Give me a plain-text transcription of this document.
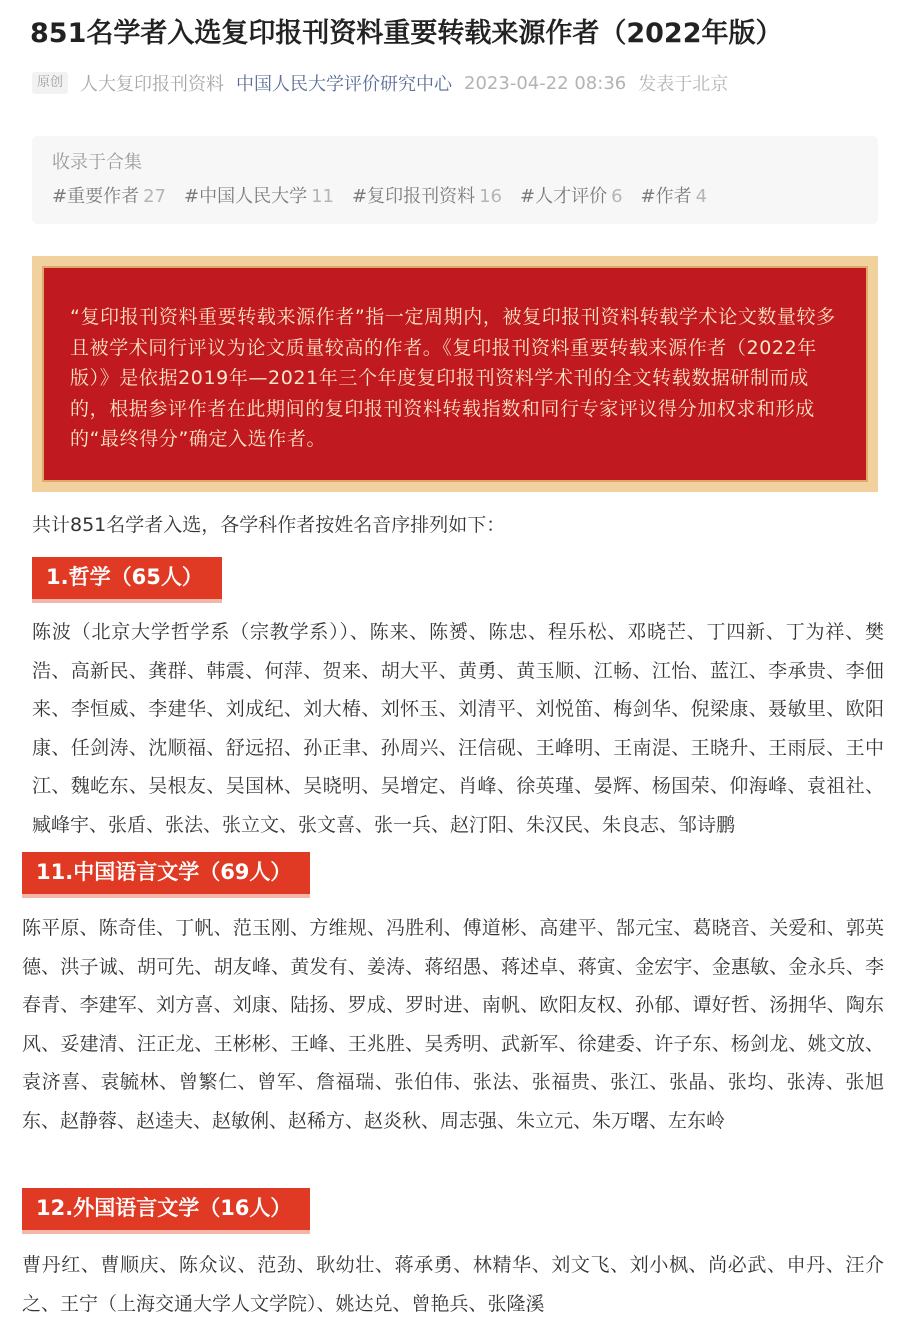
851名学者入选复印报刊资料重要转载来源作者（2022年版）
原创 人大复印报刊资料 中国人民大学评价研究中心 2023-04-22 08:36 发表于北京
收录于合集
#重要作者 27 #中国人民大学 11 #复印报刊资料 16 #人才评价 6 #作者 4

“复印报刊资料重要转载来源作者”指一定周期内，被复印报刊资料转载学术论文数量较多且被学术同行评议为论文质量较高的作者。《复印报刊资料重要转载来源作者（2022年版）》是依据2019年—2021年三个年度复印报刊资料学术刊的全文转载数据研制而成的，根据参评作者在此期间的复印报刊资料转载指数和同行专家评议得分加权求和形成的“最终得分”确定入选作者。

共计851名学者入选，各学科作者按姓名音序排列如下：

1.哲学（65人）

陈波（北京大学哲学系（宗教学系））、陈来、陈赟、陈忠、程乐松、邓晓芒、丁四新、丁为祥、樊浩、高新民、龚群、韩震、何萍、贺来、胡大平、黄勇、黄玉顺、江畅、江怡、蓝江、李承贵、李佃来、李恒威、李建华、刘成纪、刘大椿、刘怀玉、刘清平、刘悦笛、梅剑华、倪梁康、聂敏里、欧阳康、任剑涛、沈顺福、舒远招、孙正聿、孙周兴、汪信砚、王峰明、王南湜、王晓升、王雨辰、王中江、魏屹东、吴根友、吴国林、吴晓明、吴增定、肖峰、徐英瑾、晏辉、杨国荣、仰海峰、袁祖社、臧峰宇、张盾、张法、张立文、张文喜、张一兵、赵汀阳、朱汉民、朱良志、邹诗鹏

11.中国语言文学（69人）

陈平原、陈奇佳、丁帆、范玉刚、方维规、冯胜利、傅道彬、高建平、郜元宝、葛晓音、关爱和、郭英德、洪子诚、胡可先、胡友峰、黄发有、姜涛、蒋绍愚、蒋述卓、蒋寅、金宏宇、金惠敏、金永兵、李春青、李建军、刘方喜、刘康、陆扬、罗成、罗时进、南帆、欧阳友权、孙郁、谭好哲、汤拥华、陶东风、妥建清、汪正龙、王彬彬、王峰、王兆胜、吴秀明、武新军、徐建委、许子东、杨剑龙、姚文放、袁济喜、袁毓林、曾繁仁、曾军、詹福瑞、张伯伟、张法、张福贵、张江、张晶、张均、张涛、张旭东、赵静蓉、赵逵夫、赵敏俐、赵稀方、赵炎秋、周志强、朱立元、朱万曙、左东岭

12.外国语言文学（16人）

曹丹红、曹顺庆、陈众议、范劲、耿幼壮、蒋承勇、林精华、刘文飞、刘小枫、尚必武、申丹、汪介之、王宁（上海交通大学人文学院）、姚达兑、曾艳兵、张隆溪
